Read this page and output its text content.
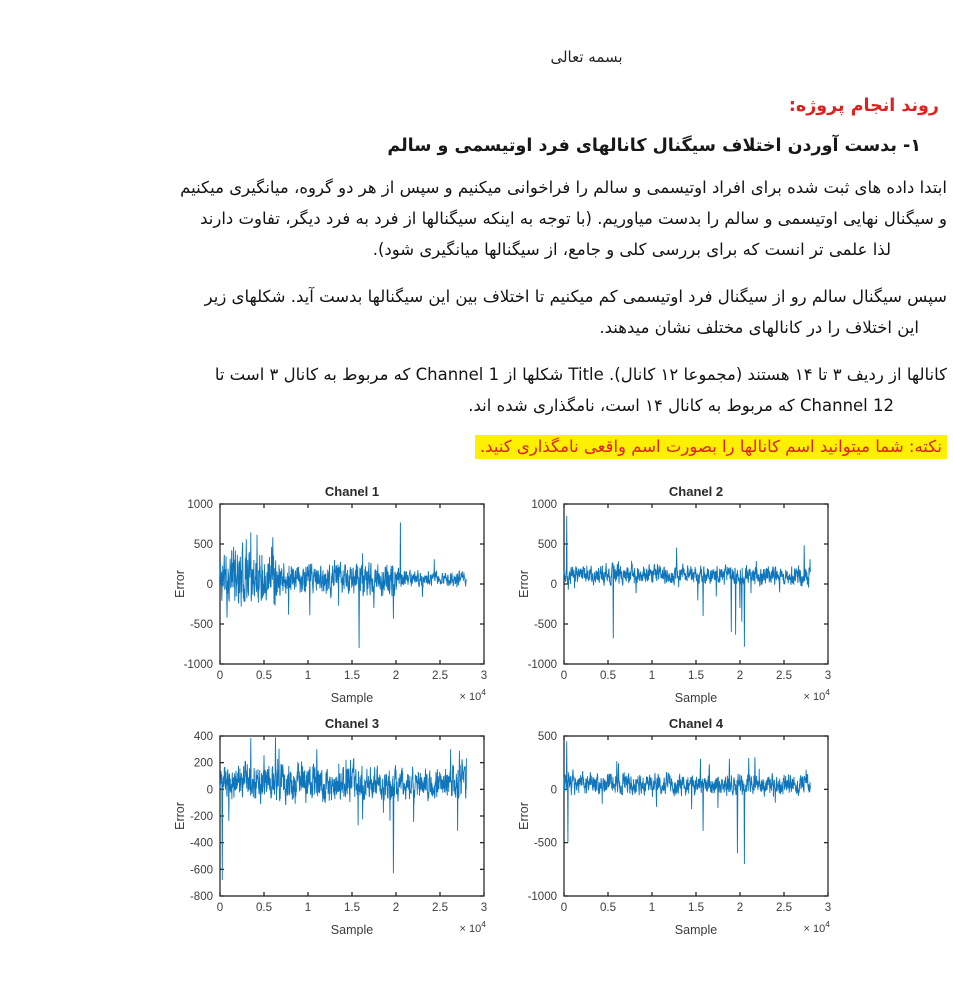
بسمه تعالی
روند انجام پروژه:
۱- بدست آوردن اختلاف سیگنال کانالهای فرد اوتیسمی و سالم
ابتدا داده های ثبت شده برای افراد اوتیسمی و سالم را فراخوانی میکنیم و سپس از هر دو گروه، میانگیری میکنیم
و سیگنال نهایی اوتیسمی و سالم را بدست میاوریم. (با توجه به اینکه سیگنالها از فرد به فرد دیگر، تفاوت دارند
لذا علمی تر انست که برای بررسی کلی و جامع، از سیگنالها میانگیری شود).
سپس سیگنال سالم رو از سیگنال فرد اوتیسمی کم میکنیم تا اختلاف بین این سیگنالها بدست آید. شکلهای زیر
این اختلاف را در کانالهای مختلف نشان میدهند.
کانالها از ردیف ۳ تا ۱۴ هستند (مجموعا ۱۲ کانال). Title شکلها از Channel 1 که مربوط به کانال ۳ است تا
Channel 12 که مربوط به کانال ۱۴ است، نامگذاری شده اند.
نکته: شما میتوانید اسم کانالها را بصورت اسم واقعی نامگذاری کنید.
Chanel 1
0	0.5	1	1.5	2	2.5	3
1000
500
0
-500
-1000
Sample
Error
× $10^4$
Chanel 2
0	0.5	1	1.5	2	2.5	3
1000
500
0
-500
-1000
Sample
Error
× $10^4$
Chanel 3
0	0.5	1	1.5	2	2.5	3
400
200
0
-200
-400
-600
-800
Sample
Error
× $10^4$
Chanel 4
0	0.5	1	1.5	2	2.5	3
500
0
-500
-1000
Sample
Error
× $10^4$
